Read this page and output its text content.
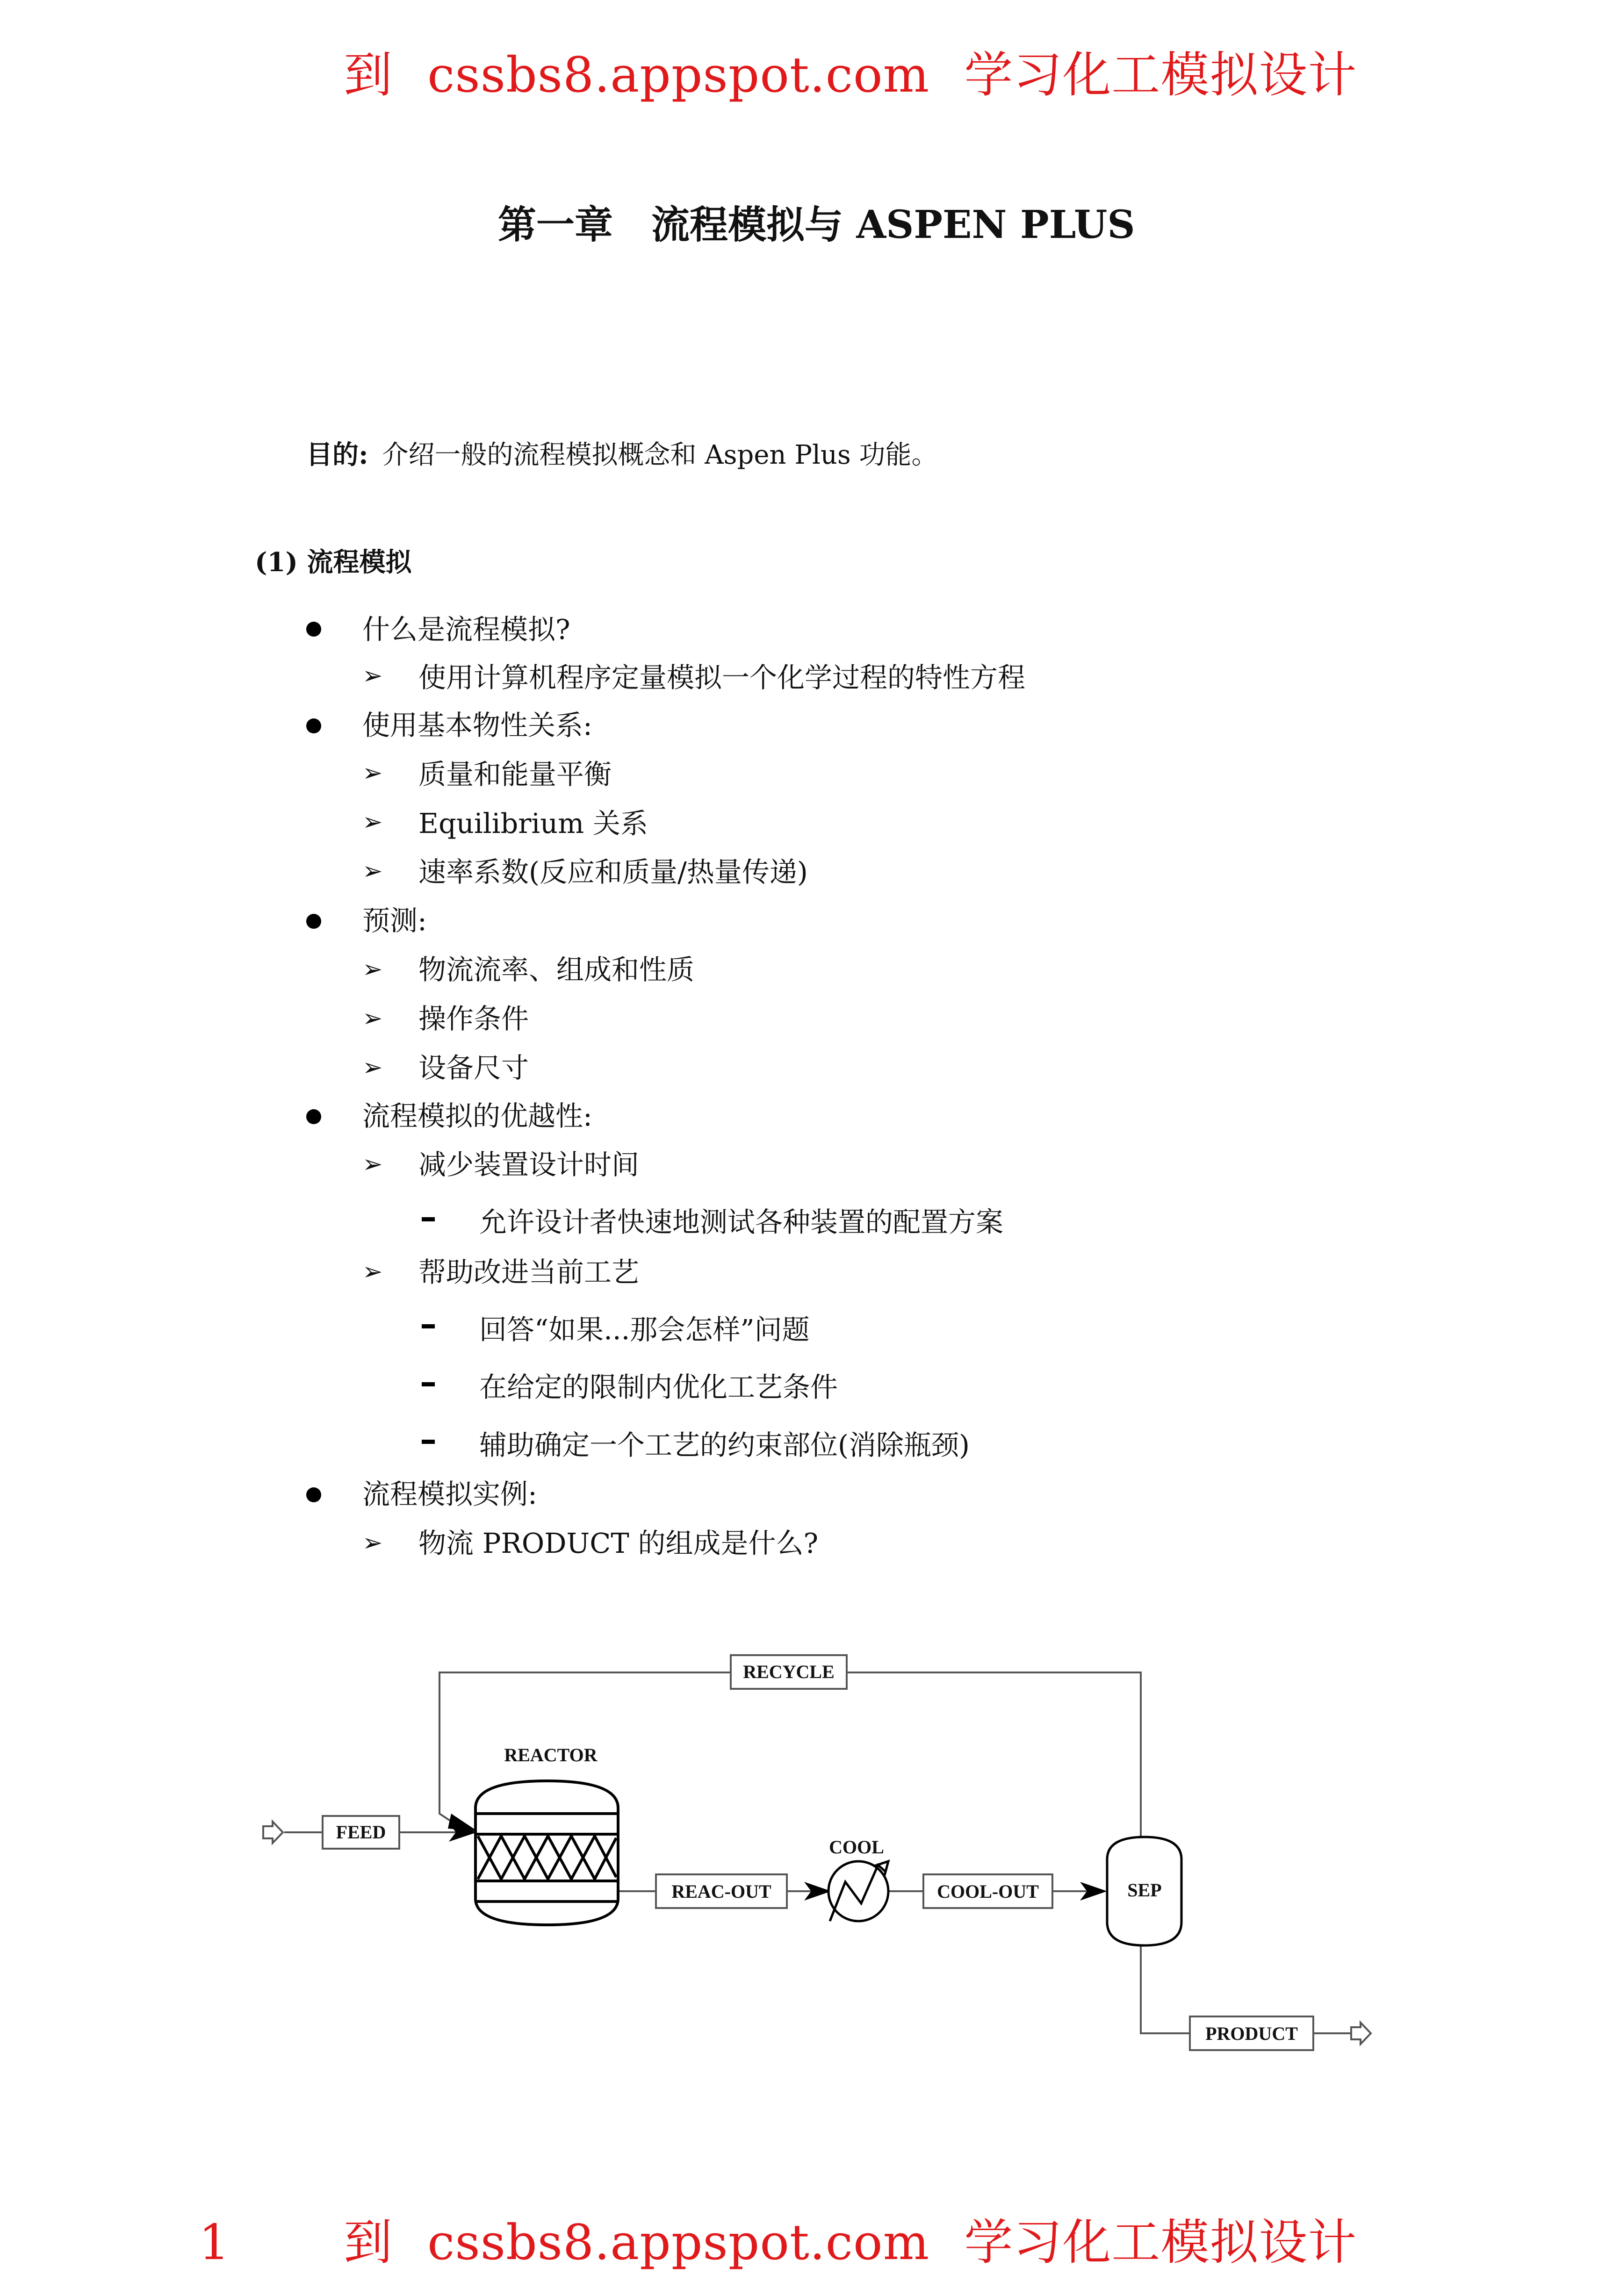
到 cssbs8.appspot.com 学习化工模拟设计
第一章　流程模拟与 ASPEN PLUS
目的: 介绍一般的流程模拟概念和 Aspen Plus 功能。
(1) 流程模拟
什么是流程模拟?
➢ 使用计算机程序定量模拟一个化学过程的特性方程
使用基本物性关系:
➢ 质量和能量平衡
➢ Equilibrium 关系
➢ 速率系数(反应和质量/热量传递)
预测:
➢ 物流流率、组成和性质
➢ 操作条件
➢ 设备尺寸
流程模拟的优越性:
➢ 减少装置设计时间
允许设计者快速地测试各种装置的配置方案
➢ 帮助改进当前工艺
回答“如果...那会怎样”问题
在给定的限制内优化工艺条件
辅助确定一个工艺的约束部位(消除瓶颈)
流程模拟实例:
➢ 物流 PRODUCT 的组成是什么?
RECYCLE
FEED
REACTOR
REAC-OUT
COOL
COOL-OUT	SEP
PRODUCT
1 到 cssbs8.appspot.com 学习化工模拟设计
